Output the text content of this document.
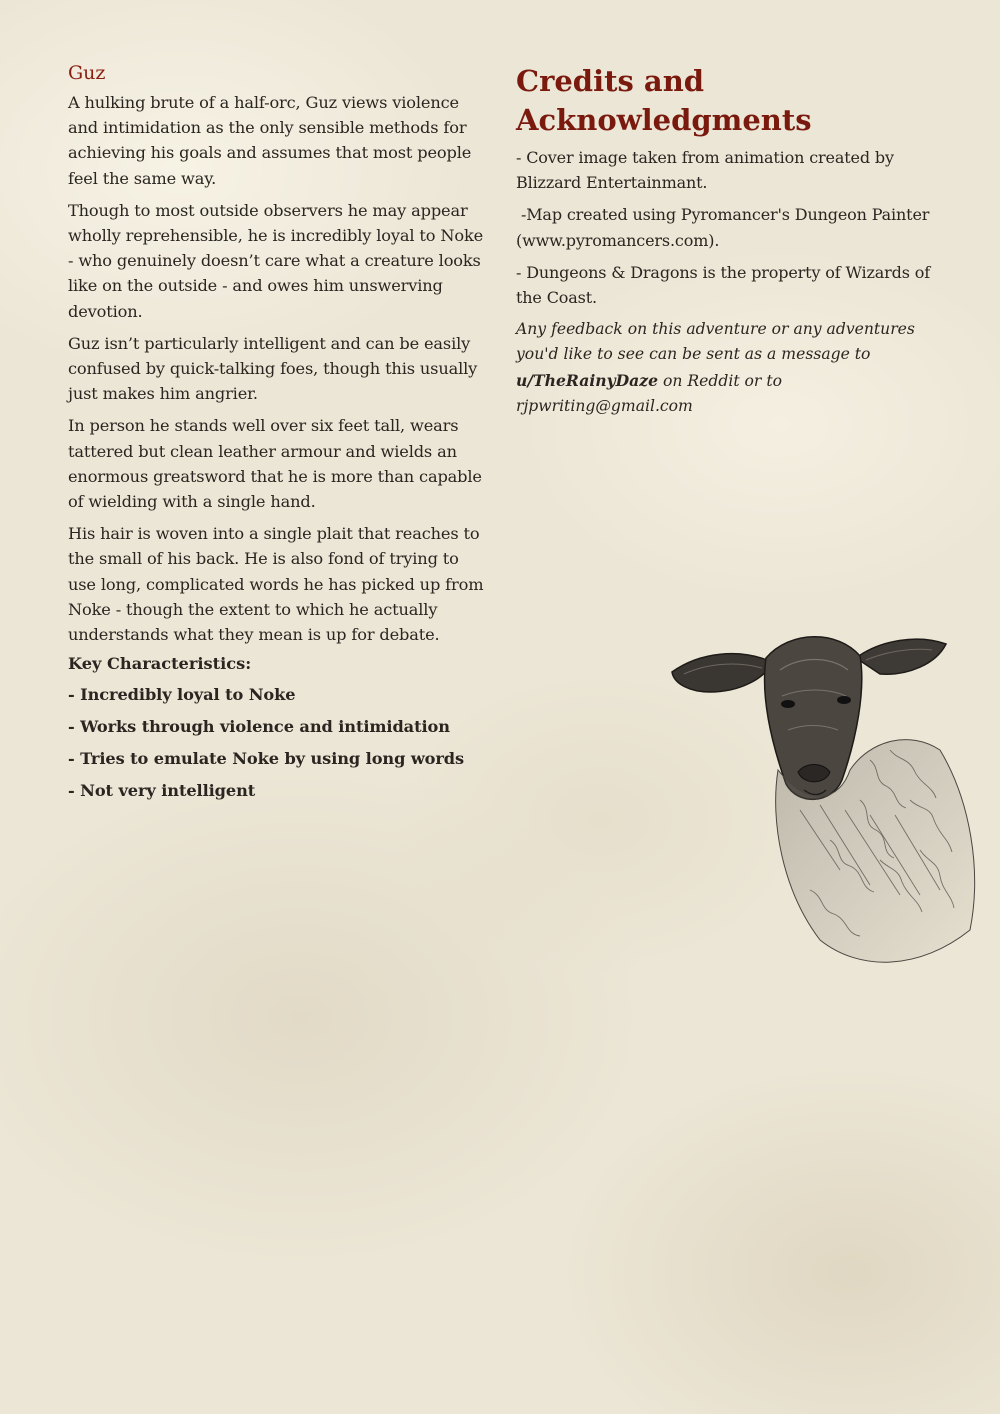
Guz

A hulking brute of a half-orc, Guz views violence and intimidation as the only sensible methods for achieving his goals and assumes that most people feel the same way.

Though to most outside observers he may appear wholly reprehensible, he is incredibly loyal to Noke - who genuinely doesn’t care what a creature looks like on the outside - and owes him unswerving devotion.

Guz isn’t particularly intelligent and can be easily confused by quick-talking foes, though this usually just makes him angrier.

In person he stands well over six feet tall, wears tattered but clean leather armour and wields an enormous greatsword that he is more than capable of wielding with a single hand.

His hair is woven into a single plait that reaches to the small of his back. He is also fond of trying to use long, complicated words he has picked up from Noke - though the extent to which he actually understands what they mean is up for debate.

Key Characteristics:
- Incredibly loyal to Noke
- Works through violence and intimidation
- Tries to emulate Noke by using long words
- Not very intelligent
Credits and Acknowledgments

- Cover image taken from animation created by Blizzard Entertainmant.

-Map created using Pyromancer's Dungeon Painter (www.pyromancers.com).

- Dungeons & Dragons is the property of Wizards of the Coast.

Any feedback on this adventure or any adventures you'd like to see can be sent as a message to u/TheRainyDaze on Reddit or to rjpwriting@gmail.com
